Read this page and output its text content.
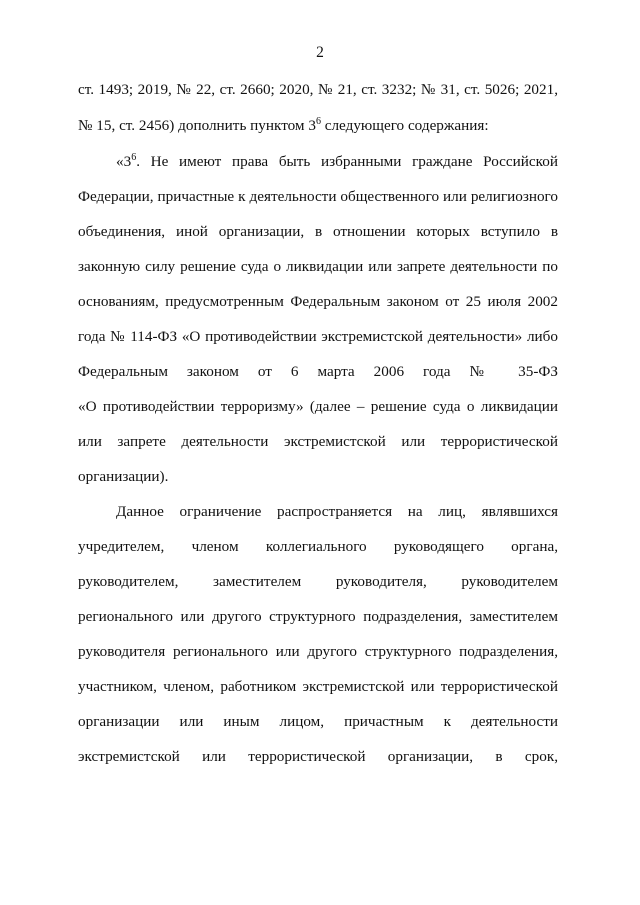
2
ст. 1493; 2019, № 22, ст. 2660; 2020, № 21, ст. 3232; № 31, ст. 5026; 2021,
№ 15, ст. 2456) дополнить пунктом $3^6$ следующего содержания:
«$3^6$. Не имеют права быть избранными граждане Российской
Федерации, причастные к деятельности общественного или религиозного
объединения, иной организации, в отношении которых вступило в
законную силу решение суда о ликвидации или запрете деятельности по
основаниям, предусмотренным Федеральным законом от 25 июля 2002
года № 114-ФЗ «О противодействии экстремистской деятельности» либо
Федеральным законом от 6 марта 2006 года № 35-ФЗ
«О противодействии терроризму» (далее – решение суда о ликвидации
или запрете деятельности экстремистской или террористической
организации).
Данное ограничение распространяется на лиц, являвшихся
учредителем, членом коллегиального руководящего органа,
руководителем, заместителем руководителя, руководителем
регионального или другого структурного подразделения, заместителем
руководителя регионального или другого структурного подразделения,
участником, членом, работником экстремистской или террористической
организации или иным лицом, причастным к деятельности
экстремистской или террористической организации, в срок,
